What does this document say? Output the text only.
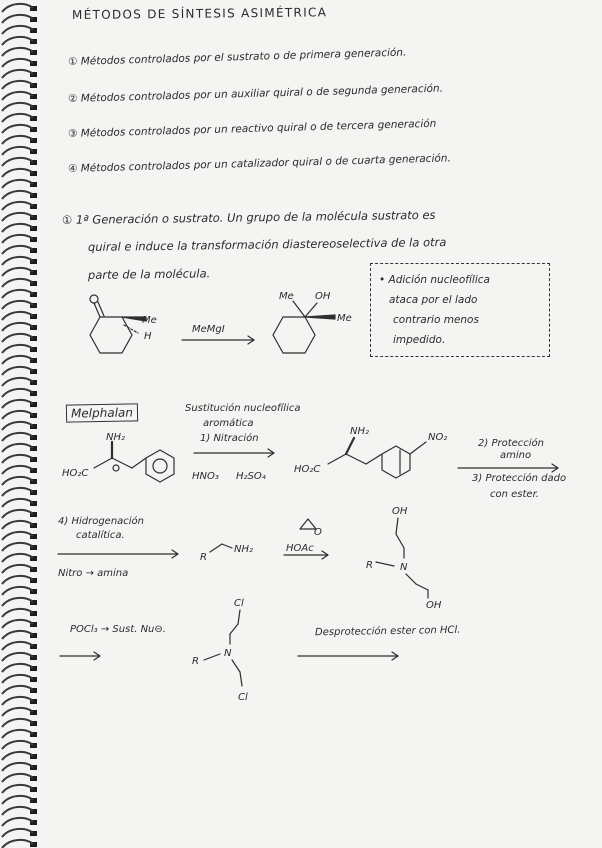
MÉTODOS DE SÍNTESIS ASIMÉTRICA
① Métodos controlados por el sustrato o de primera generación.
② Métodos controlados por un auxiliar quiral o de segunda generación.
③ Métodos controlados por un reactivo quiral o de tercera generación
④ Métodos controlados por un catalizador quiral o de cuarta generación.
① 1ª Generación o sustrato. Un grupo de la molécula sustrato es
quiral e induce la transformación diastereoselectiva de la otra
parte de la molécula.
Me
H
MeMgI
Me OH
Me
• Adición nucleofílica
ataca por el lado
contrario menos
impedido.
Melphalan	Sustitución nucleofílica
aromática
1) Nitración
HO₂C
NH₂
HNO₃ H₂SO₄
HO₂C
NH₂
NO₂
2) Protección
amino
3) Protección dado
con ester.
4) Hidrogenación
catalítica.
Nitro → amina
R
NH₂
O
HOAc
OH
N
R
OH
POCl₃ → Sust. Nu⊖.
Cl
N
R
Cl
Desprotección ester con HCl.
